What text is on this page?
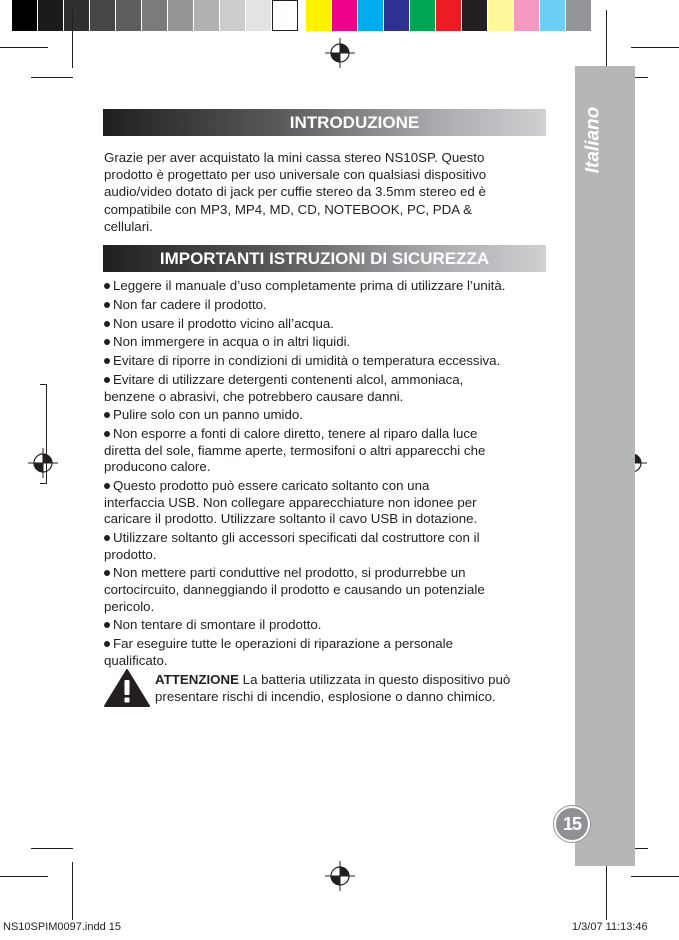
Italiano
15
INTRODUZIONE
Grazie per aver acquistato la mini cassa stereo NS10SP. Questo
prodotto è progettato per uso universale con qualsiasi dispositivo
audio/video dotato di jack per cuffie stereo da 3.5mm stereo ed è
compatibile con MP3, MP4, MD, CD, NOTEBOOK, PC, PDA &
cellulari.
IMPORTANTI ISTRUZIONI DI SICUREZZA
Leggere il manuale d’uso completamente prima di utilizzare l’unità.
Non far cadere il prodotto.
Non usare il prodotto vicino all’acqua.
Non immergere in acqua o in altri liquidi.
Evitare di riporre in condizioni di umidità o temperatura eccessiva.
Evitare di utilizzare detergenti contenenti alcol, ammoniaca,
benzene o abrasivi, che potrebbero causare danni.
Pulire solo con un panno umido.
Non esporre a fonti di calore diretto, tenere al riparo dalla luce
diretta del sole, fiamme aperte, termosifoni o altri apparecchi che
producono calore.
Questo prodotto può essere caricato soltanto con una
interfaccia USB. Non collegare apparecchiature non idonee per
caricare il prodotto. Utilizzare soltanto il cavo USB in dotazione.
Utilizzare soltanto gli accessori specificati dal costruttore con il
prodotto.
Non mettere parti conduttive nel prodotto, si produrrebbe un
cortocircuito, danneggiando il prodotto e causando un potenziale
pericolo.
Non tentare di smontare il prodotto.
Far eseguire tutte le operazioni di riparazione a personale
qualificato.
ATTENZIONE La batteria utilizzata in questo dispositivo può
presentare rischi di incendio, esplosione o danno chimico.
NS10SPIM0097.indd 15	1/3/07 11:13:46
